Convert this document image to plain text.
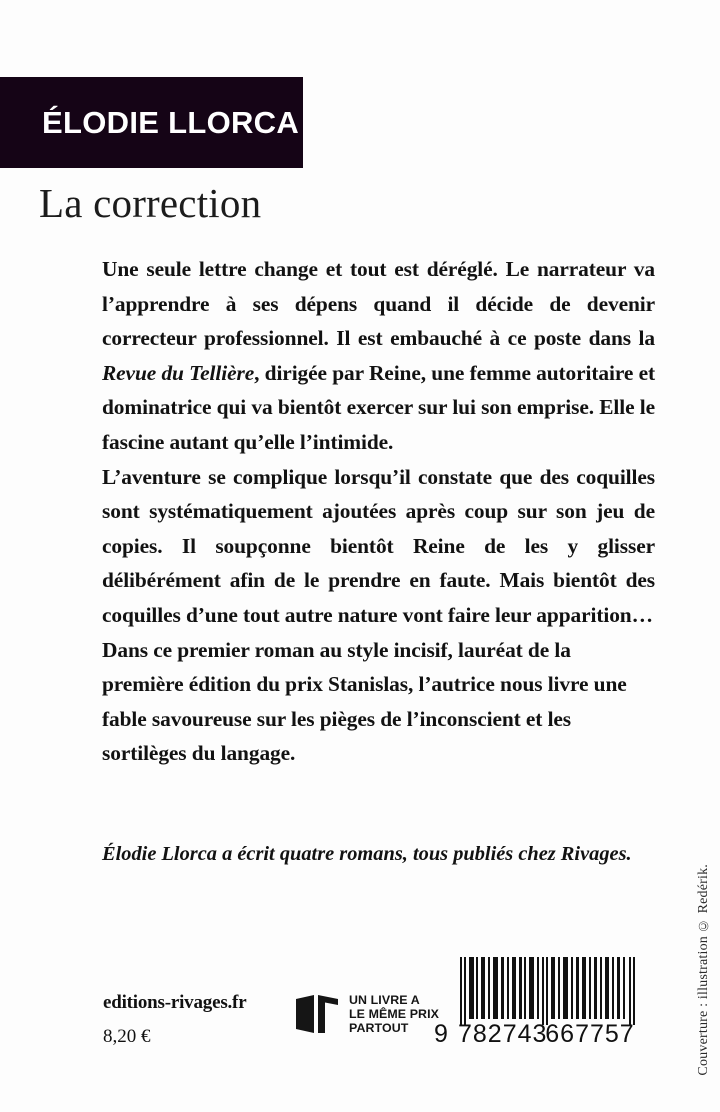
ÉLODIE LLORCA
La correction

Une seule lettre change et tout est déréglé. Le narrateur va l’apprendre à ses dépens quand il décide de devenir correcteur professionnel. Il est embauché à ce poste dans la Revue du Tellière, dirigée par Reine, une femme autoritaire et dominatrice qui va bientôt exercer sur lui son emprise. Elle le fascine autant qu’elle l’intimide.

L’aventure se complique lorsqu’il constate que des coquilles sont systématiquement ajoutées après coup sur son jeu de copies. Il soupçonne bientôt Reine de les y glisser délibérément afin de le prendre en faute. Mais bientôt des coquilles d’une tout autre nature vont faire leur apparition…

Dans ce premier roman au style incisif, lauréat de la première édition du prix Stanislas, l’autrice nous livre une fable savoureuse sur les pièges de l’inconscient et les sortilèges du langage.

Élodie Llorca a écrit quatre romans, tous publiés chez Rivages.
editions-rivages.fr
8,20 €
UN LIVRE A
LE MÊME PRIX
PARTOUT	9 782743
667757	Couverture : illustration © Redérik.
